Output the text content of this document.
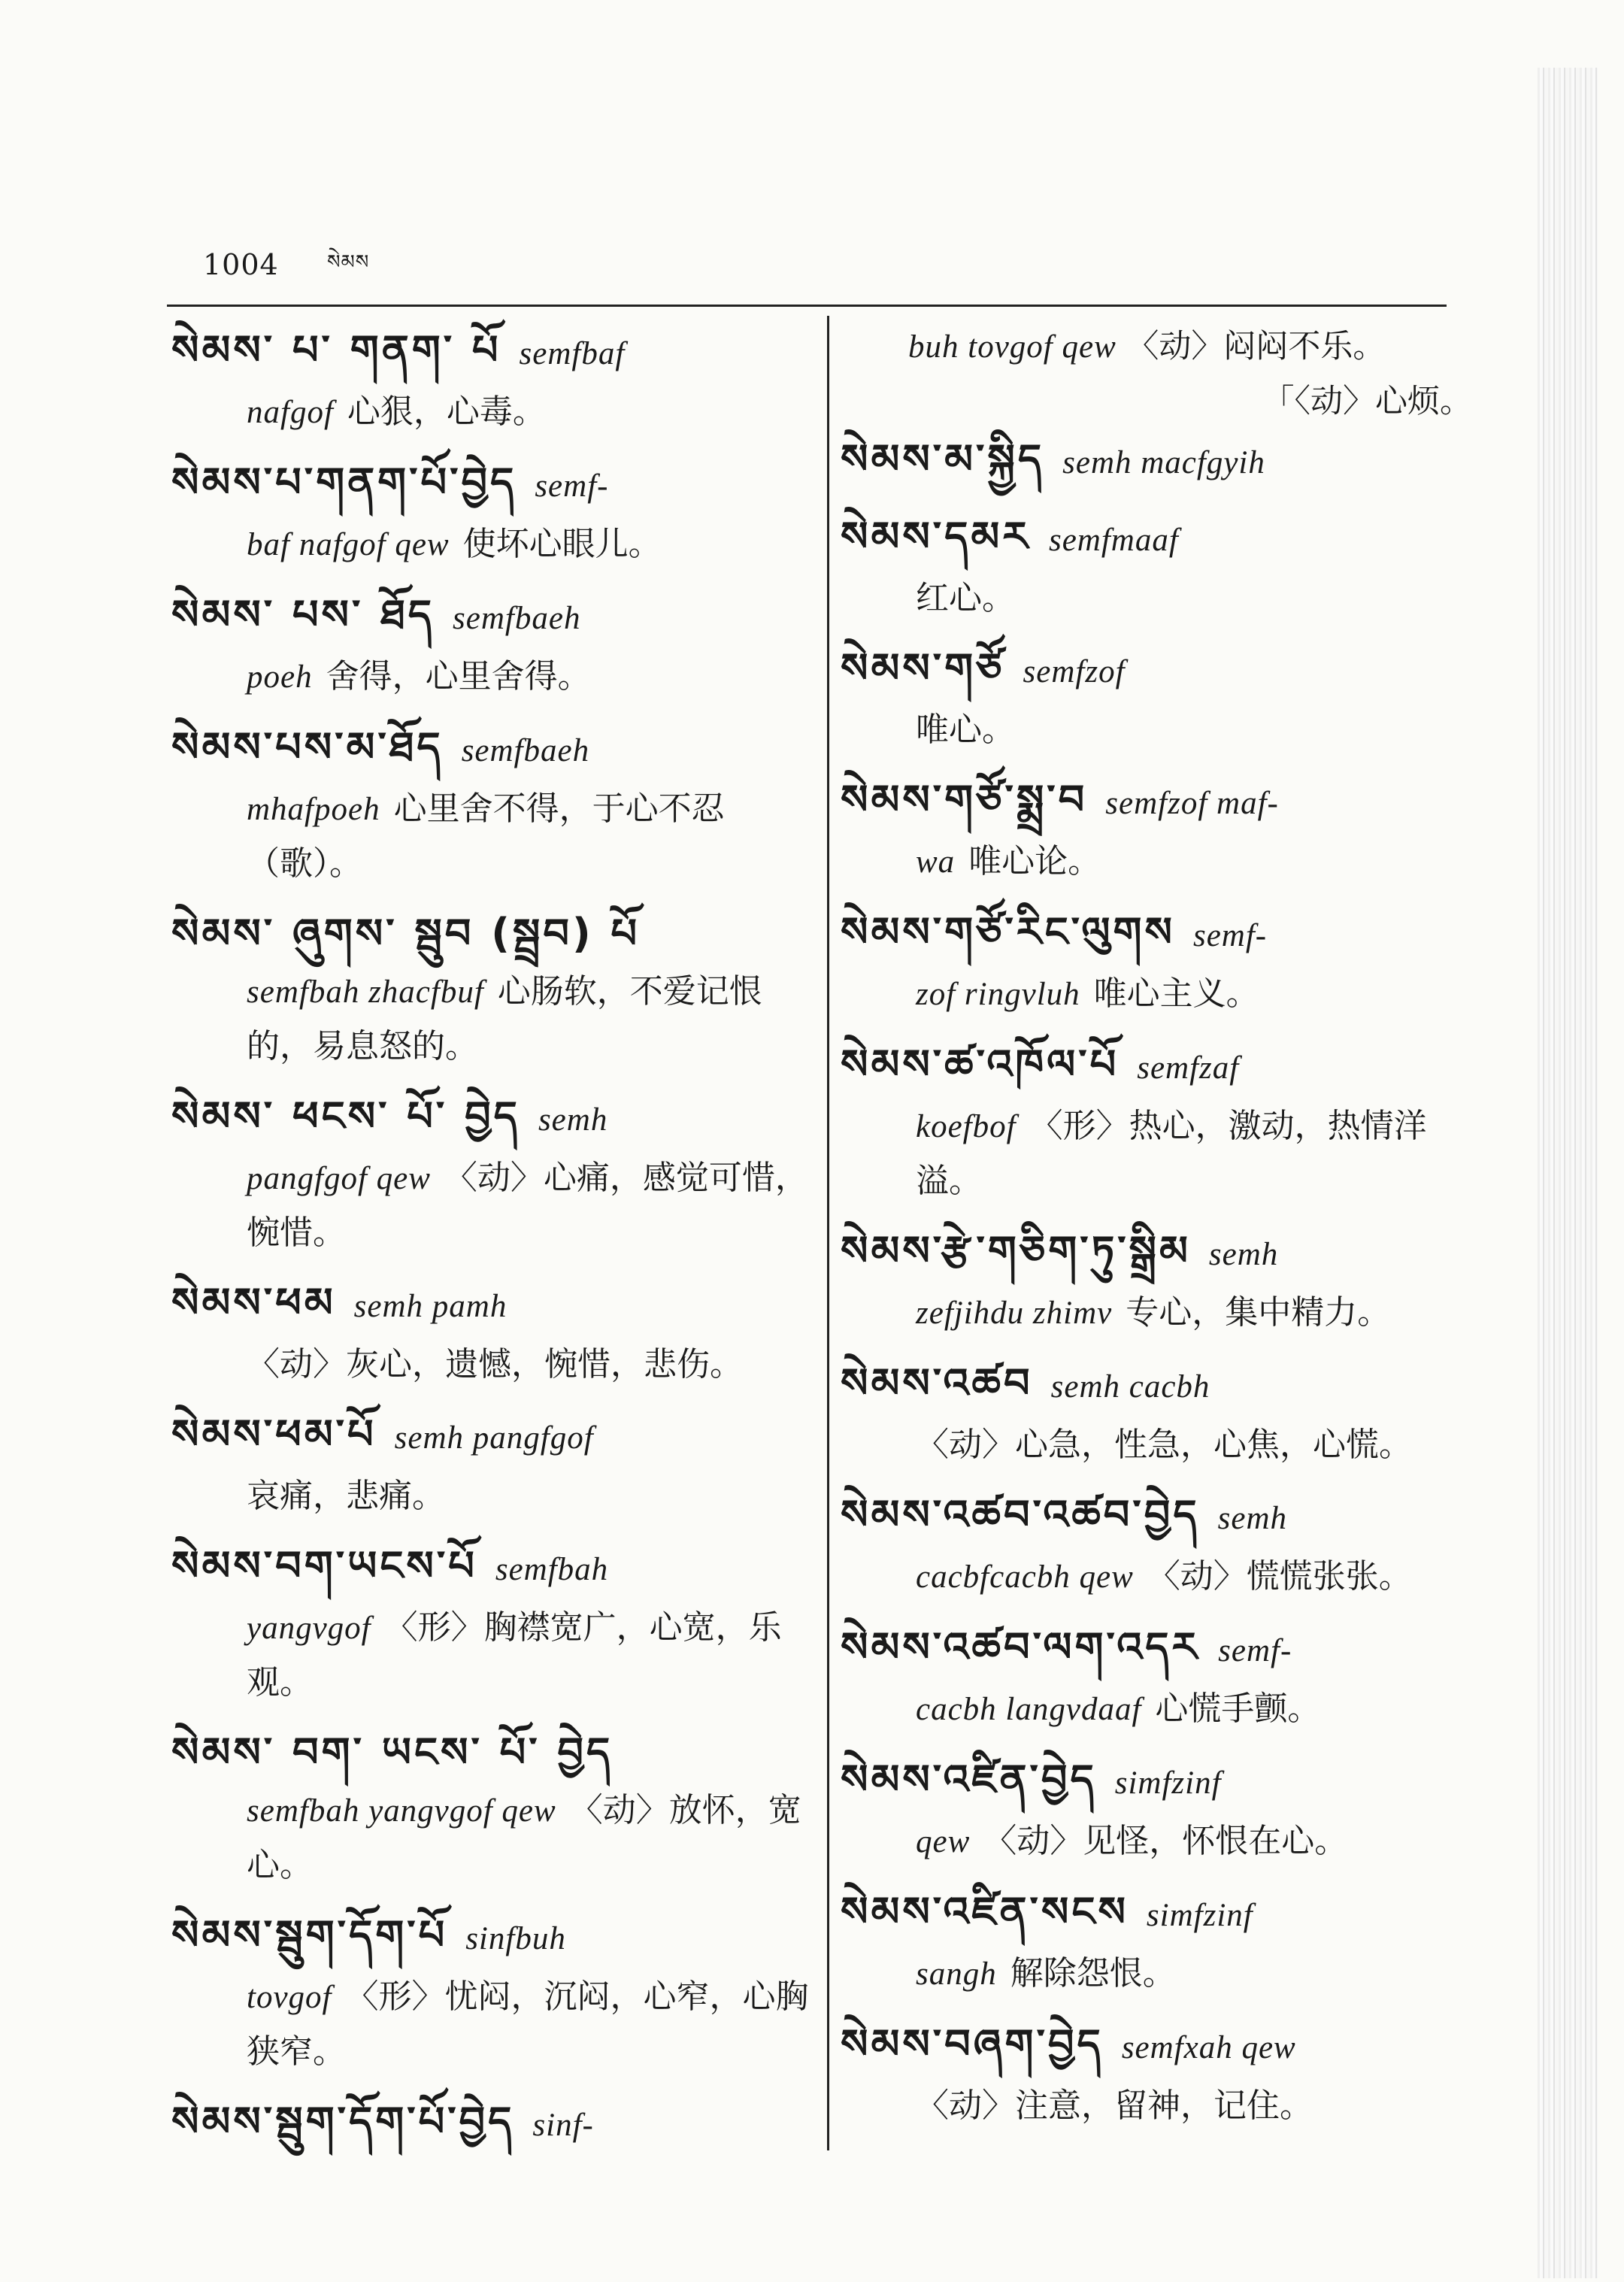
1004 སེམས
སེམས་ པ་ གནག་ པོ semfbaf
nafgof 心狠，心毒。
སེམས་པ་གནག་པོ་བྱེད semf-
baf nafgof qew 使坏心眼儿。
སེམས་ པས་ ཐོད semfbaeh
poeh 舍得，心里舍得。
སེམས་པས་མ་ཐོད semfbaeh
mhafpoeh 心里舍不得，于心不忍（歌）。
སེམས་ ཞུགས་ སྦུབ (སྦྲབ) པོ
semfbah zhacfbuf 心肠软，不爱记恨的，易息怒的。
སེམས་ ཕངས་ པོ་ བྱེད semh
pangfgof qew 〈动〉心痛，感觉可惜，惋惜。
སེམས་ཕམ semh pamh
〈动〉灰心，遗憾，惋惜，悲伤。
སེམས་ཕམ་པོ semh pangfgof
哀痛，悲痛。
སེམས་བག་ཡངས་པོ semfbah
yangvgof 〈形〉胸襟宽广，心宽，乐观。
སེམས་ བག་ ཡངས་ པོ་ བྱེད
semfbah yangvgof qew 〈动〉放怀，宽心。
སེམས་སྦུག་དོག་པོ sinfbuh
tovgof 〈形〉忧闷，沉闷，心窄，心胸狭窄。
སེམས་སྦུག་དོག་པོ་བྱེད sinf-
buh tovgof qew 〈动〉闷闷不乐。
「〈动〉心烦。
སེམས་མ་སྐྱིད semh macfgyih
སེམས་དམར semfmaaf
红心。
སེམས་གཙོ semfzof
唯心。
སེམས་གཙོ་སྨྲ་བ semfzof maf-
wa 唯心论。
སེམས་གཙོ་རིང་ལུགས semf-
zof ringvluh 唯心主义。
སེམས་ཚ་འཁོལ་པོ semfzaf
koefbof 〈形〉热心，激动，热情洋溢。
སེམས་རྩེ་གཅིག་ཏུ་སྒྲིམ semh
zefjihdu zhimv 专心，集中精力。
སེམས་འཚབ semh cacbh
〈动〉心急，性急，心焦，心慌。
སེམས་འཚབ་འཚབ་བྱེད semh
cacbfcacbh qew 〈动〉慌慌张张。
སེམས་འཚབ་ལག་འདར semf-
cacbh langvdaaf 心慌手颤。
སེམས་འཛིན་བྱེད simfzinf
qew 〈动〉见怪，怀恨在心。
སེམས་འཛིན་སངས simfzinf
sangh 解除怨恨。
སེམས་བཞག་བྱེད semfxah qew
〈动〉注意，留神，记住。
